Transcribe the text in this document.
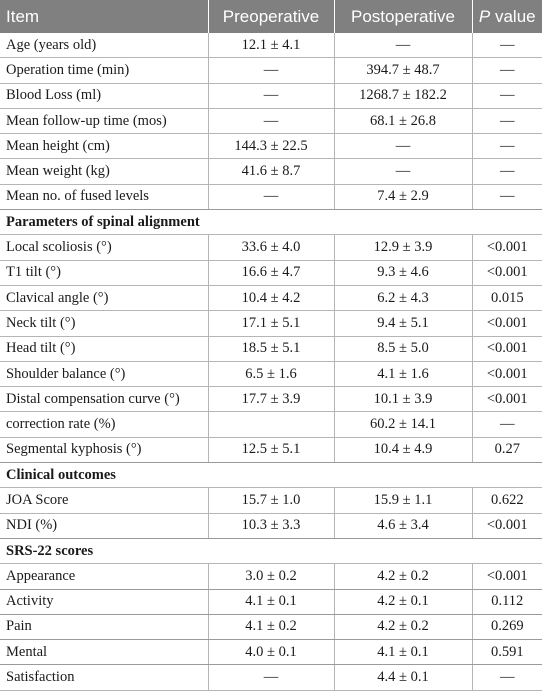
Item	Preoperative	Postoperative	P value
Age (years old)	12.1 ± 4.1	—	—
Operation time (min)	—	394.7 ± 48.7	—
Blood Loss (ml)	—	1268.7 ± 182.2	—
Mean follow-up time (mos)	—	68.1 ± 26.8	—
Mean height (cm)	144.3 ± 22.5	—	—
Mean weight (kg)	41.6 ± 8.7	—	—
Mean no. of fused levels	—	7.4 ± 2.9	—
Parameters of spinal alignment			
Local scoliosis (°)	33.6 ± 4.0	12.9 ± 3.9	<0.001
T1 tilt (°)	16.6 ± 4.7	9.3 ± 4.6	<0.001
Clavical angle (°)	10.4 ± 4.2	6.2 ± 4.3	0.015
Neck tilt (°)	17.1 ± 5.1	9.4 ± 5.1	<0.001
Head tilt (°)	18.5 ± 5.1	8.5 ± 5.0	<0.001
Shoulder balance (°)	6.5 ± 1.6	4.1 ± 1.6	<0.001
Distal compensation curve (°)	17.7 ± 3.9	10.1 ± 3.9	<0.001
correction rate (%)		60.2 ± 14.1	—
Segmental kyphosis (°)	12.5 ± 5.1	10.4 ± 4.9	0.27
Clinical outcomes			
JOA Score	15.7 ± 1.0	15.9 ± 1.1	0.622
NDI (%)	10.3 ± 3.3	4.6 ± 3.4	<0.001
SRS-22 scores			
Appearance	3.0 ± 0.2	4.2 ± 0.2	<0.001
Activity	4.1 ± 0.1	4.2 ± 0.1	0.112
Pain	4.1 ± 0.2	4.2 ± 0.2	0.269
Mental	4.0 ± 0.1	4.1 ± 0.1	0.591
Satisfaction	—	4.4 ± 0.1	—
